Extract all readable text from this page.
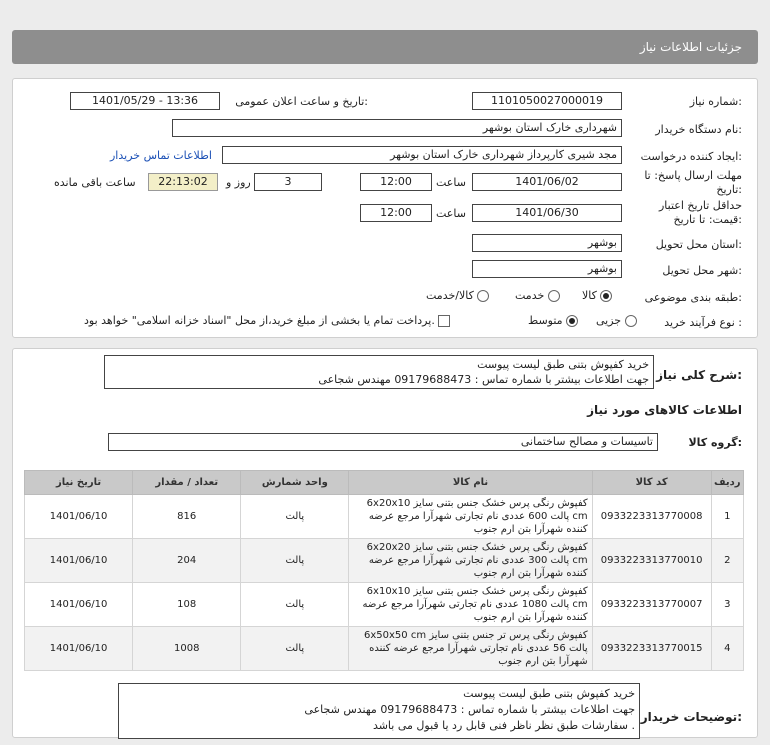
جزئیات اطلاعات نیاز
شماره نیاز:
1101050027000019
تاریخ و ساعت اعلان عمومی:
1401/05/29 - 13:36
نام دستگاه خریدار:
شهرداری خارک استان بوشهر
ایجاد کننده درخواست:
مجد شیری کارپرداز شهرداری خارک استان بوشهر
اطلاعات تماس خریدار
مهلت ارسال پاسخ: تا تاریخ:
1401/06/02
ساعت
12:00
3
روز و
22:13:02
ساعت باقی مانده
حداقل تاریخ اعتبار قیمت: تا تاریخ:
1401/06/30
ساعت
12:00
استان محل تحویل:
بوشهر
شهر محل تحویل:
بوشهر
طبقه بندی موضوعی:
کالا
خدمت
کالا/خدمت
نوع فرآیند خرید :
جزیی
متوسط
پرداخت تمام یا بخشی از مبلغ خرید،از محل "اسناد خزانه اسلامی" خواهد بود.
شرح کلی نیاز:
خرید کفپوش بتنی طبق لیست پیوست
جهت اطلاعات بیشتر با شماره تماس : 09179688473 مهندس شجاعی
اطلاعات کالاهای مورد نیاز
گروه کالا:
تاسیسات و مصالح ساختمانی
ردیف	کد کالا	نام کالا	واحد شمارش	تعداد / مقدار	تاریخ نیاز
1	0933223313770008	کفپوش رنگی پرس خشک جنس بتنی سایز 6x20x10 cm پالت 600 عددی نام تجارتی شهرآرا مرجع عرضه کننده شهرآرا بتن ارم جنوب	پالت	816	1401/06/10
2	0933223313770010	کفپوش رنگی پرس خشک جنس بتنی سایز 6x20x20 cm پالت 300 عددی نام تجارتی شهرآرا مرجع عرضه کننده شهرآرا بتن ارم جنوب	پالت	204	1401/06/10
3	0933223313770007	کفپوش رنگی پرس خشک جنس بتنی سایز 6x10x10 cm پالت 1080 عددی نام تجارتی شهرآرا مرجع عرضه کننده شهرآرا بتن ارم جنوب	پالت	108	1401/06/10
4	0933223313770015	کفپوش رنگی پرس تر جنس بتنی سایز 6x50x50 cm پالت 56 عددی نام تجارتی شهرآرا مرجع عرضه کننده شهرآرا بتن ارم جنوب	پالت	1008	1401/06/10
توضیحات خریدار:
خرید کفپوش بتنی طبق لیست پیوست
جهت اطلاعات بیشتر با شماره تماس : 09179688473 مهندس شجاعی
سفارشات طبق نظر ناظر فنی قابل رد یا قبول می باشد .
